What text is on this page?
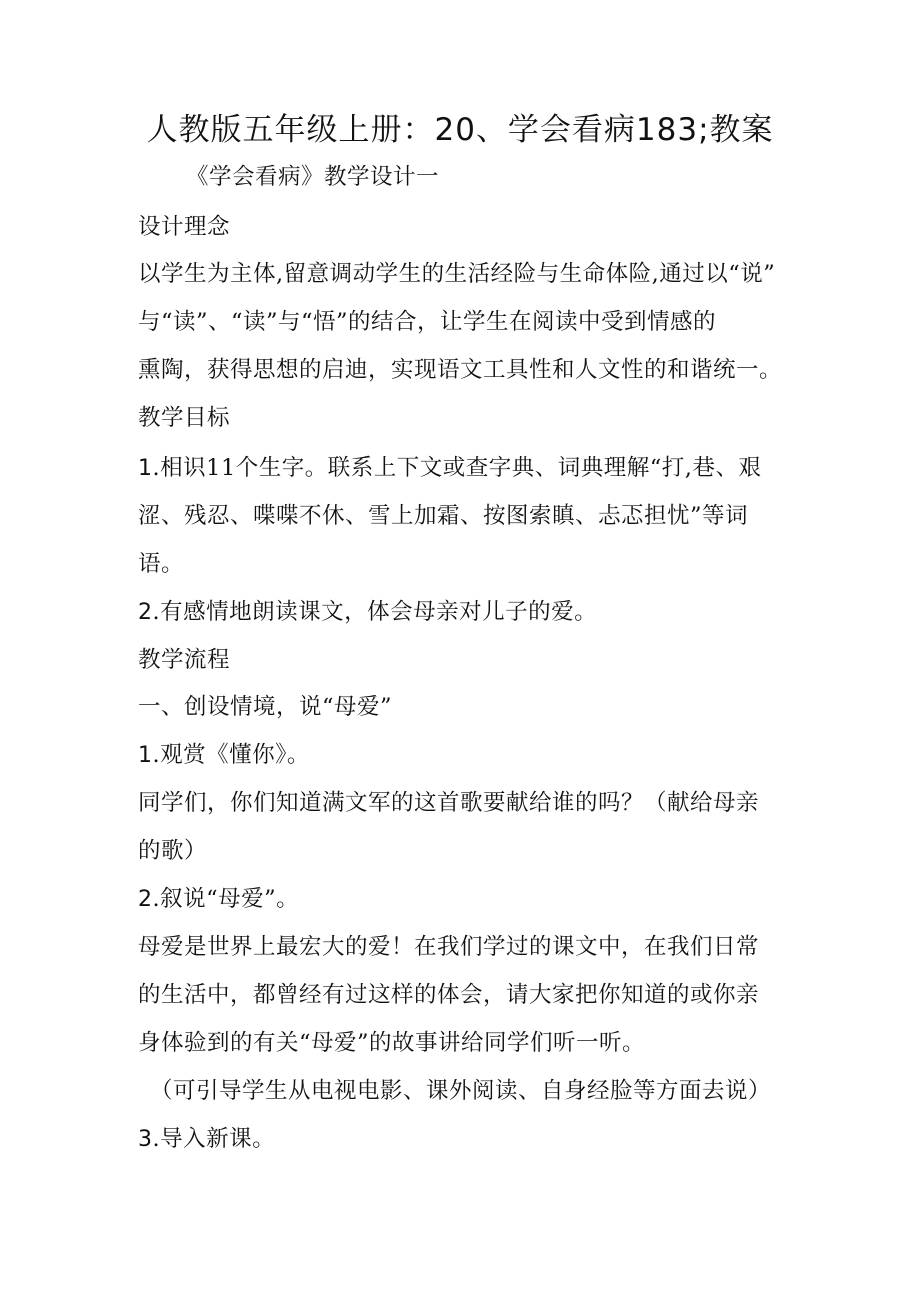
人教版五年级上册：20、学会看病183;教案
《学会看病》教学设计一
设计理念
以学生为主体,留意调动学生的生活经险与生命体险,通过以“说”
与“读”、“读”与“悟”的结合，让学生在阅读中受到情感的
熏陶，获得思想的启迪，实现语文工具性和人文性的和谐统一。
教学目标
1.相识11个生字。联系上下文或查字典、词典理解“打,巷、艰
涩、残忍、喋喋不休、雪上加霜、按图索瞋、忐忑担忧”等词
语。
2.有感情地朗读课文，体会母亲对儿子的爱。
教学流程
一、创设情境，说“母爱”
1.观赏《懂你》。
同学们，你们知道满文军的这首歌要献给谁的吗？（献给母亲
的歌）
2.叙说“母爱”。
母爱是世界上最宏大的爱！在我们学过的课文中，在我们日常
的生活中，都曾经有过这样的体会，请大家把你知道的或你亲
身体验到的有关“母爱”的故事讲给同学们听一听。
（可引导学生从电视电影、课外阅读、自身经脸等方面去说）
3.导入新课。
